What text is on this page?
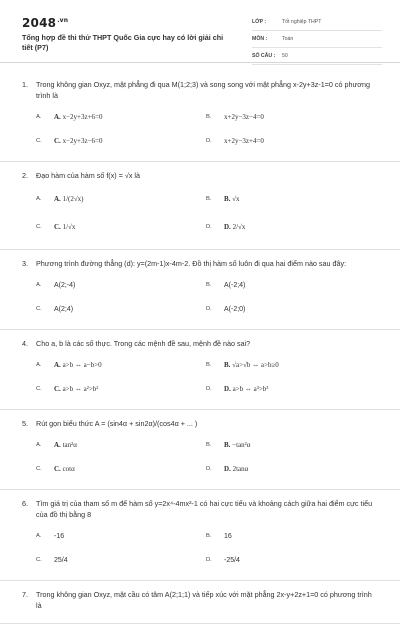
$2048^{.vn}$
Tổng hợp đề thi thử THPT Quốc Gia cực hay có lời giải chi tiết (P7)
LỚP :	Tốt nghiệp THPT
MÔN :	Toán
SỐ CÂU :	50
1.	Trong không gian Oxyz, mặt phẳng đi qua M(1;2;3) và song song với mặt phẳng x-2y+3z-1=0 có phương trình là
A.	A. x−2y+3z+6=0	B.	x+2y−3z−4=0
C.	C. x−2y+3z−6=0	D.	x+2y−3z+4=0
2.	Đạo hàm của hàm số f(x) = √x là
A.	A. 1/(2√x)	B.	B. √x
C.	C. 1/√x	D.	D. 2/√x
3.	Phương trình đường thẳng (d): y=(2m-1)x-4m-2. Đồ thị hàm số luôn đi qua hai điểm nào sau đây:
A.	A(2;-4)	B.	A(-2;4)
C.	A(2;4)	D.	A(-2;0)
4.	Cho a, b là các số thực. Trong các mệnh đề sau, mệnh đề nào sai?
A.	A. a>b ⇔ a−b>0	B.	B. √a>√b ⇔ a>b≥0
C.	C. a>b ⇔ a²>b²	D.	D. a>b ⇔ a³>b³
5.	Rút gọn biểu thức A = (sin4α + sin2α)/(cos4α + ... )
A.	A. tan²α	B.	B. −tan²α
C.	C. cotα	D.	D. 2tanα
6.	Tìm giá trị của tham số m để hàm số y=2x⁴-4mx²-1 có hai cực tiểu và khoảng cách giữa hai điểm cực tiểu của đồ thị bằng 8
A.	-16	B.	16
C.	25/4	D.	-25/4
7.	Trong không gian Oxyz, mặt cầu có tâm A(2;1;1) và tiếp xúc với mặt phẳng 2x-y+2z+1=0 có phương trình là
